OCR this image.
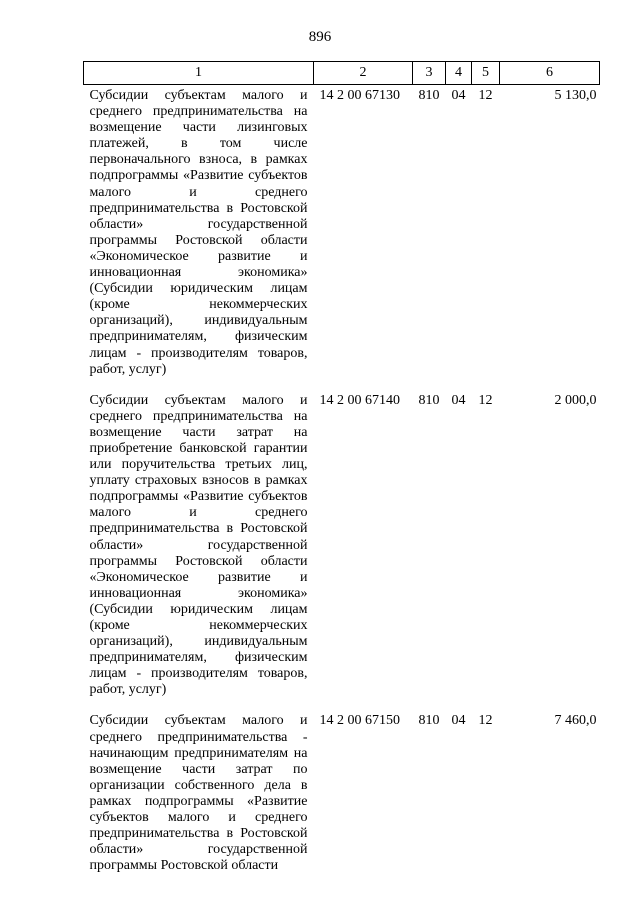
896
1	2	3	4	5	6
Субсидии субъектам малого и среднего предпринимательства на возмещение части лизинговых платежей, в том числе первоначального взноса, в рамках подпрограммы «Развитие субъектов малого и среднего предпринимательства в Ростовской области» государственной программы Ростовской области «Экономическое развитие и инновационная экономика» (Субсидии юридическим лицам (кроме некоммерческих организаций), индивидуальным предпринимателям, физическим лицам - производителям товаров, работ, услуг)	14 2 00 67130	810	04	12	5 130,0
Субсидии субъектам малого и среднего предпринимательства на возмещение части затрат на приобретение банковской гарантии или поручительства третьих лиц, уплату страховых взносов в рамках подпрограммы «Развитие субъектов малого и среднего предпринимательства в Ростовской области» государственной программы Ростовской области «Экономическое развитие и инновационная экономика» (Субсидии юридическим лицам (кроме некоммерческих организаций), индивидуальным предпринимателям, физическим лицам - производителям товаров, работ, услуг)	14 2 00 67140	810	04	12	2 000,0
Субсидии субъектам малого и среднего предпринимательства - начинающим предпринимателям на возмещение части затрат по организации собственного дела в рамках подпрограммы «Развитие субъектов малого и среднего предпринимательства в Ростовской области» государственной программы Ростовской области	14 2 00 67150	810	04	12	7 460,0
